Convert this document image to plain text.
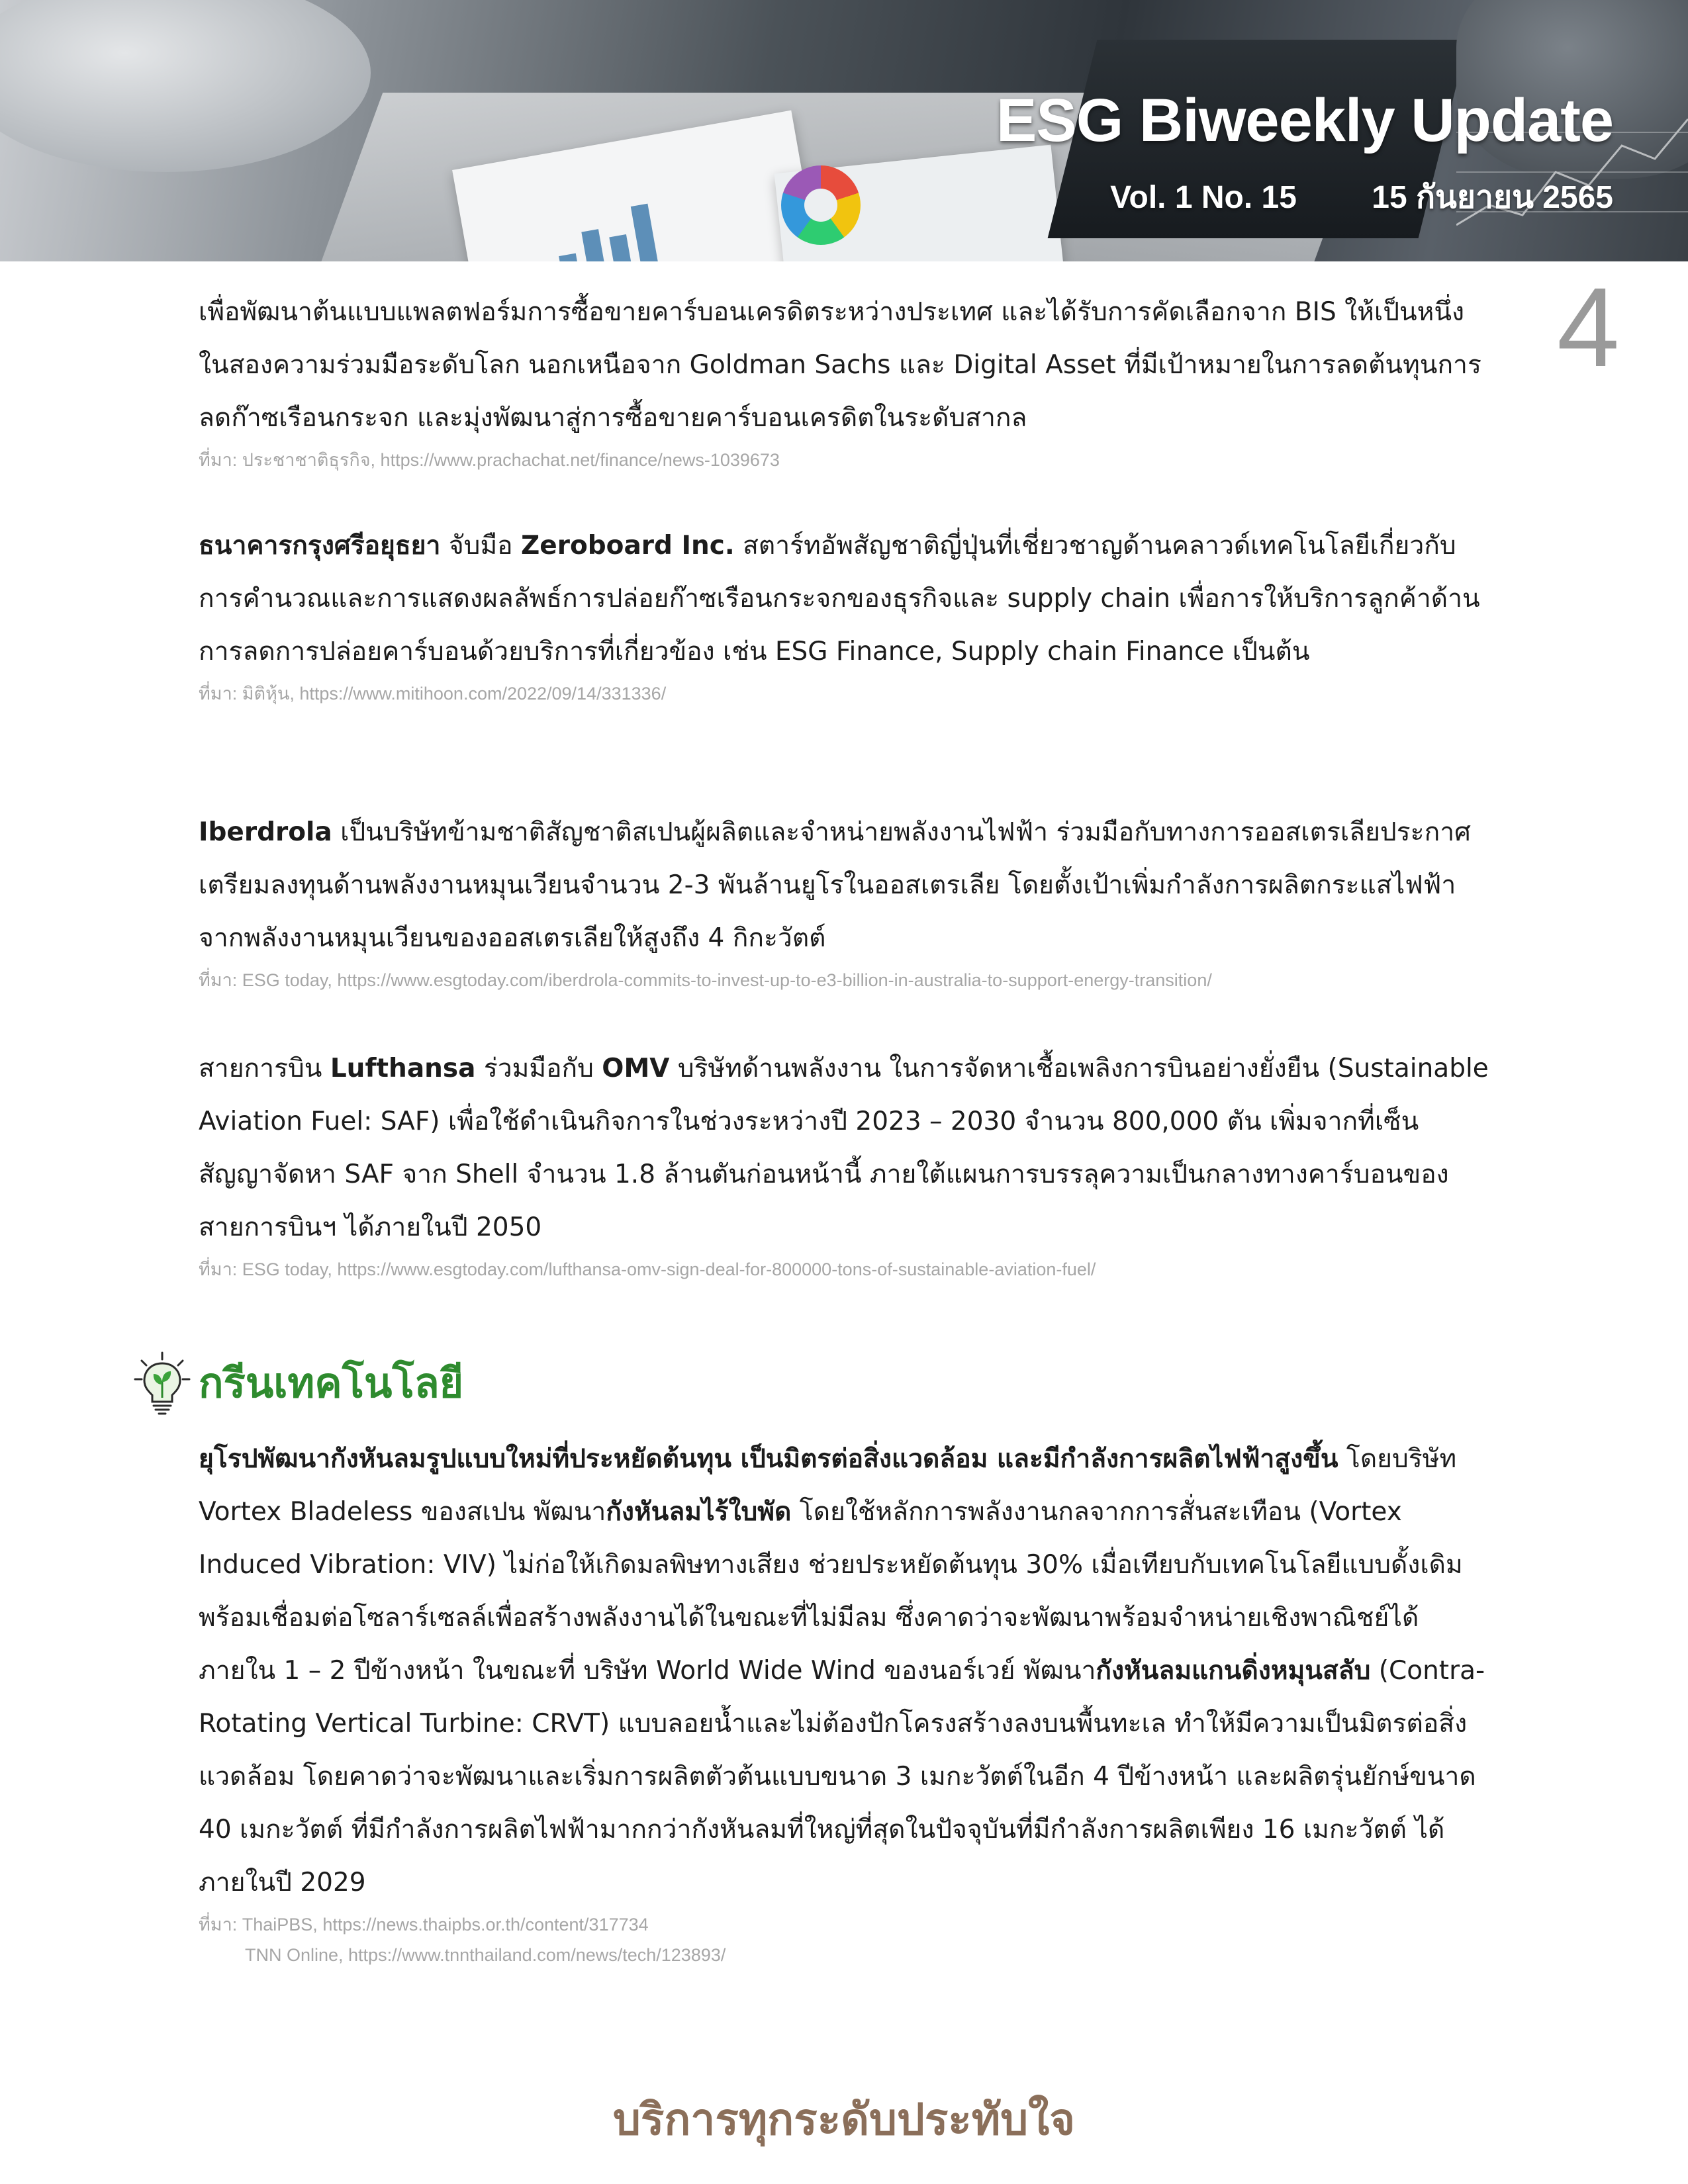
ESG Biweekly Update
Vol. 1 No. 15 15 กันยายน 2565
4

เพื่อพัฒนาต้นแบบแพลตฟอร์มการซื้อขายคาร์บอนเครดิตระหว่างประเทศ และได้รับการคัดเลือกจาก BIS ให้เป็นหนึ่งในสองความร่วมมือระดับโลก นอกเหนือจาก Goldman Sachs และ Digital Asset ที่มีเป้าหมายในการลดต้นทุนการลดก๊าซเรือนกระจก และมุ่งพัฒนาสู่การซื้อขายคาร์บอนเครดิตในระดับสากล

ที่มา: ประชาชาติธุรกิจ, https://www.prachachat.net/finance/news-1039673

ธนาคารกรุงศรีอยุธยา จับมือ Zeroboard Inc. สตาร์ทอัพสัญชาติญี่ปุ่นที่เชี่ยวชาญด้านคลาวด์เทคโนโลยีเกี่ยวกับการคำนวณและการแสดงผลลัพธ์การปล่อยก๊าซเรือนกระจกของธุรกิจและ supply chain เพื่อการให้บริการลูกค้าด้านการลดการปล่อยคาร์บอนด้วยบริการที่เกี่ยวข้อง เช่น ESG Finance, Supply chain Finance เป็นต้น

ที่มา: มิติหุ้น, https://www.mitihoon.com/2022/09/14/331336/

Iberdrola เป็นบริษัทข้ามชาติสัญชาติสเปนผู้ผลิตและจำหน่ายพลังงานไฟฟ้า ร่วมมือกับทางการออสเตรเลียประกาศเตรียมลงทุนด้านพลังงานหมุนเวียนจำนวน 2-3 พันล้านยูโรในออสเตรเลีย โดยตั้งเป้าเพิ่มกำลังการผลิตกระแสไฟฟ้าจากพลังงานหมุนเวียนของออสเตรเลียให้สูงถึง 4 กิกะวัตต์

ที่มา: ESG today, https://www.esgtoday.com/iberdrola-commits-to-invest-up-to-e3-billion-in-australia-to-support-energy-transition/

สายการบิน Lufthansa ร่วมมือกับ OMV บริษัทด้านพลังงาน ในการจัดหาเชื้อเพลิงการบินอย่างยั่งยืน (Sustainable Aviation Fuel: SAF) เพื่อใช้ดำเนินกิจการในช่วงระหว่างปี 2023 – 2030 จำนวน 800,000 ตัน เพิ่มจากที่เซ็นสัญญาจัดหา SAF จาก Shell จำนวน 1.8 ล้านตันก่อนหน้านี้ ภายใต้แผนการบรรลุความเป็นกลางทางคาร์บอนของสายการบินฯ ได้ภายในปี 2050

ที่มา: ESG today, https://www.esgtoday.com/lufthansa-omv-sign-deal-for-800000-tons-of-sustainable-aviation-fuel/

กรีนเทคโนโลยี

ยุโรปพัฒนากังหันลมรูปแบบใหม่ที่ประหยัดต้นทุน เป็นมิตรต่อสิ่งแวดล้อม และมีกำลังการผลิตไฟฟ้าสูงขึ้น โดยบริษัท Vortex Bladeless ของสเปน พัฒนากังหันลมไร้ใบพัด โดยใช้หลักการพลังงานกลจากการสั่นสะเทือน (Vortex Induced Vibration: VIV) ไม่ก่อให้เกิดมลพิษทางเสียง ช่วยประหยัดต้นทุน 30% เมื่อเทียบกับเทคโนโลยีแบบดั้งเดิม พร้อมเชื่อมต่อโซลาร์เซลล์เพื่อสร้างพลังงานได้ในขณะที่ไม่มีลม ซึ่งคาดว่าจะพัฒนาพร้อมจำหน่ายเชิงพาณิชย์ได้ภายใน 1 – 2 ปีข้างหน้า ในขณะที่ บริษัท World Wide Wind ของนอร์เวย์ พัฒนากังหันลมแกนดิ่งหมุนสลับ (Contra-Rotating Vertical Turbine: CRVT) แบบลอยน้ำและไม่ต้องปักโครงสร้างลงบนพื้นทะเล ทำให้มีความเป็นมิตรต่อสิ่งแวดล้อม โดยคาดว่าจะพัฒนาและเริ่มการผลิตตัวต้นแบบขนาด 3 เมกะวัตต์ในอีก 4 ปีข้างหน้า และผลิตรุ่นยักษ์ขนาด 40 เมกะวัตต์ ที่มีกำลังการผลิตไฟฟ้ามากกว่ากังหันลมที่ใหญ่ที่สุดในปัจจุบันที่มีกำลังการผลิตเพียง 16 เมกะวัตต์ ได้ภายในปี 2029

ที่มา: ThaiPBS, https://news.thaipbs.or.th/content/317734

TNN Online, https://www.tnnthailand.com/news/tech/123893/

บริการทุกระดับประทับใจ
